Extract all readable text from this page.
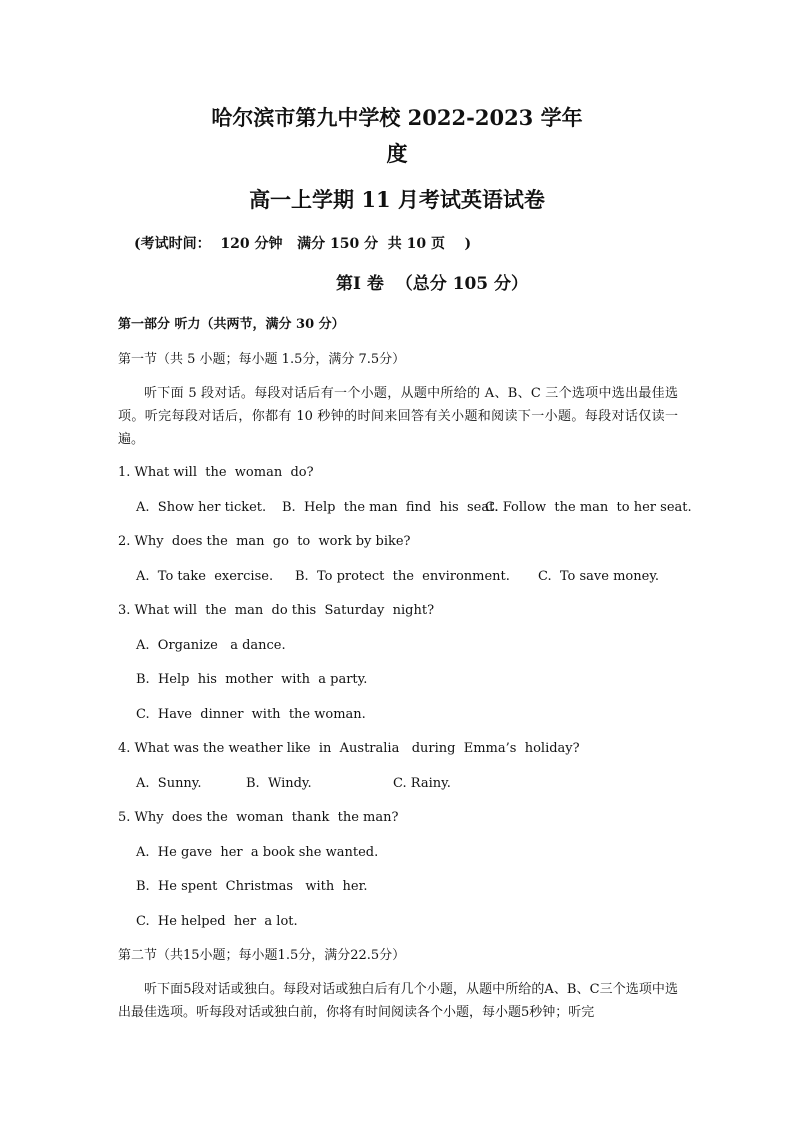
哈尔滨市第九中学校 2022-2023 学年
度
高一上学期 11 月考试英语试卷
(考试时间：  120 分钟   满分 150 分  共 10 页    )
第Ⅰ 卷  （总分 105 分）
第一部分 听力（共两节，满分 30 分）
第一节（共 5 小题；每小题 1.5分，满分 7.5分）
听下面 5 段对话。每段对话后有一个小题，从题中所给的 A、B、C 三个选项中选出最佳选项。听完每段对话后，你都有 10 秒钟的时间来回答有关小题和阅读下一小题。每段对话仅读一遍。
1. What will  the  woman  do?
A.  Show her ticket. B.  Help  the man  find  his  seat.
C. Follow  the man  to her seat.
2. Why  does the  man  go  to  work by bike?
A.  To take  exercise. B.  To protect  the  environment. C.  To save money.
3. What will  the  man  do this  Saturday  night?
A.  Organize   a dance.
B.  Help  his  mother  with  a party.
C.  Have  dinner  with  the woman.
4. What was the weather like  in  Australia   during  Emma’s  holiday?
A.  Sunny.	B.  Windy.	C. Rainy.
5. Why  does the  woman  thank  the man?
A.  He gave  her  a book she wanted.
B.  He spent  Christmas   with  her.
C.  He helped  her  a lot.
第二节（共15小题；每小题1.5分，满分22.5分）
听下面5段对话或独白。每段对话或独白后有几个小题，从题中所给的A、B、C三个选项中选出最佳选项。听每段对话或独白前，你将有时间阅读各个小题，每小题5秒钟；听完
